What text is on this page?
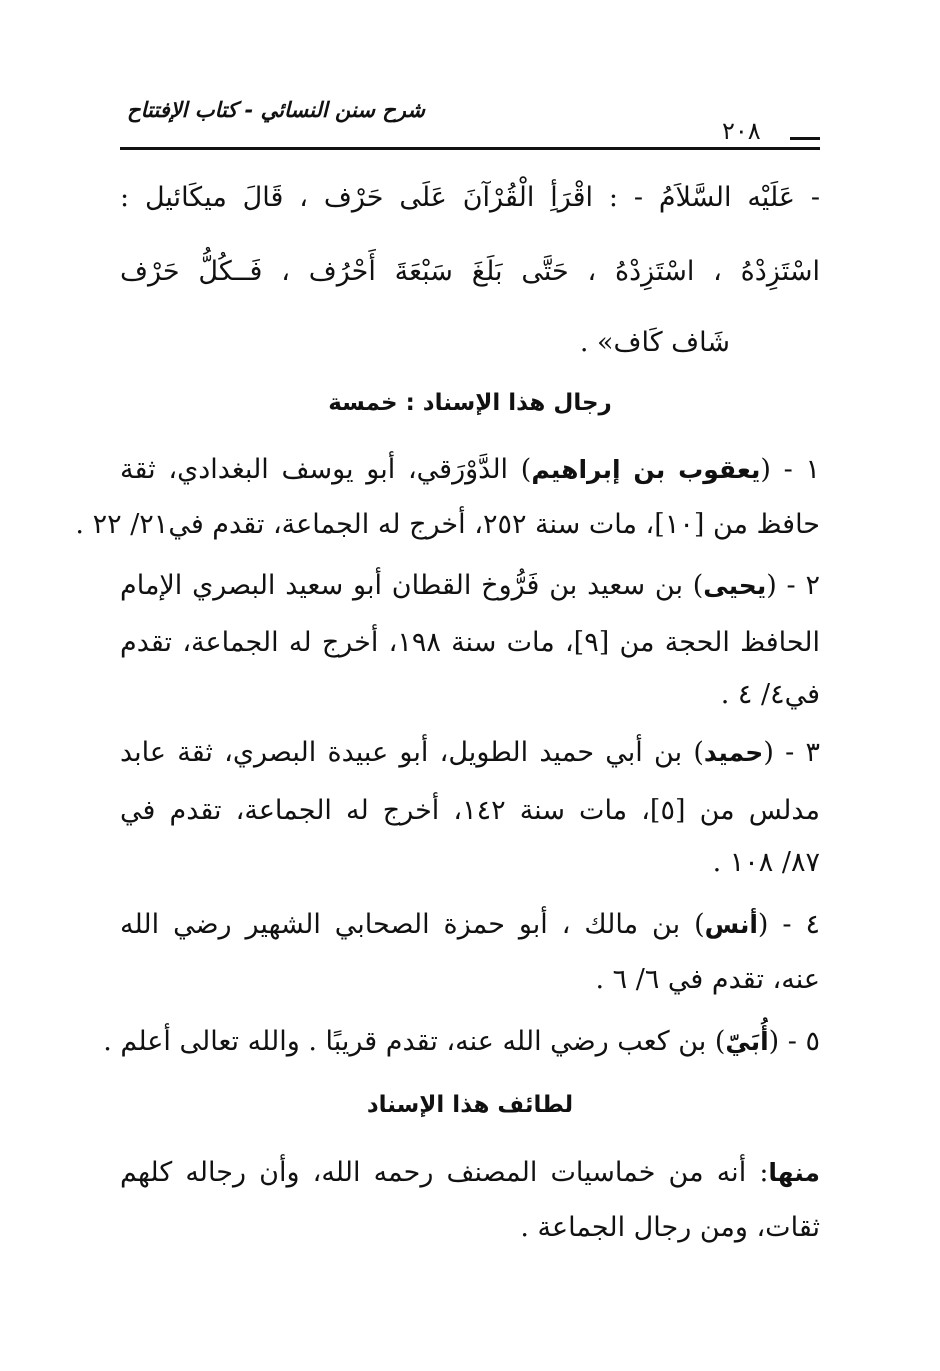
شرح سنن النسائي - كتاب الإفتتاح
٢٠٨
- عَلَيْه السَّلاَمُ - : اقْرَأِ الْقُرْآنَ عَلَى حَرْف ، قَالَ ميكَائيل :
اسْتَزِدْهُ ، اسْتَزِدْهُ ، حَتَّى بَلَغَ سَبْعَةَ أَحْرُف ، فَــكُلُّ حَرْف
شَاف كَاف» .
رجال هذا الإسناد : خمسة
١ - (يعقوب بن إبراهيم) الدَّوْرَقي، أبو يوسف البغدادي، ثقة
حافظ من [١٠]، مات سنة ٢٥٢، أخرج له الجماعة، تقدم في٢١/ ٢٢ .
٢ - (يحيى) بن سعيد بن فَرُّوخ القطان أبو سعيد البصري الإمام
الحافظ الحجة من [٩]، مات سنة ١٩٨، أخرج له الجماعة، تقدم
في٤/ ٤ .
٣ - (حميد) بن أبي حميد الطويل، أبو عبيدة البصري، ثقة عابد
مدلس من [٥]، مات سنة ١٤٢، أخرج له الجماعة، تقدم في
٨٧/ ١٠٨ .
٤ - (أنس) بن مالك ، أبو حمزة الصحابي الشهير رضي الله
عنه، تقدم في ٦/ ٦ .
٥ - (أُبَيّ) بن كعب رضي الله عنه، تقدم قريبًا . والله تعالى أعلم .
لطائف هذا الإسناد
منها: أنه من خماسيات المصنف رحمه الله، وأن رجاله كلهم
ثقات، ومن رجال الجماعة .
